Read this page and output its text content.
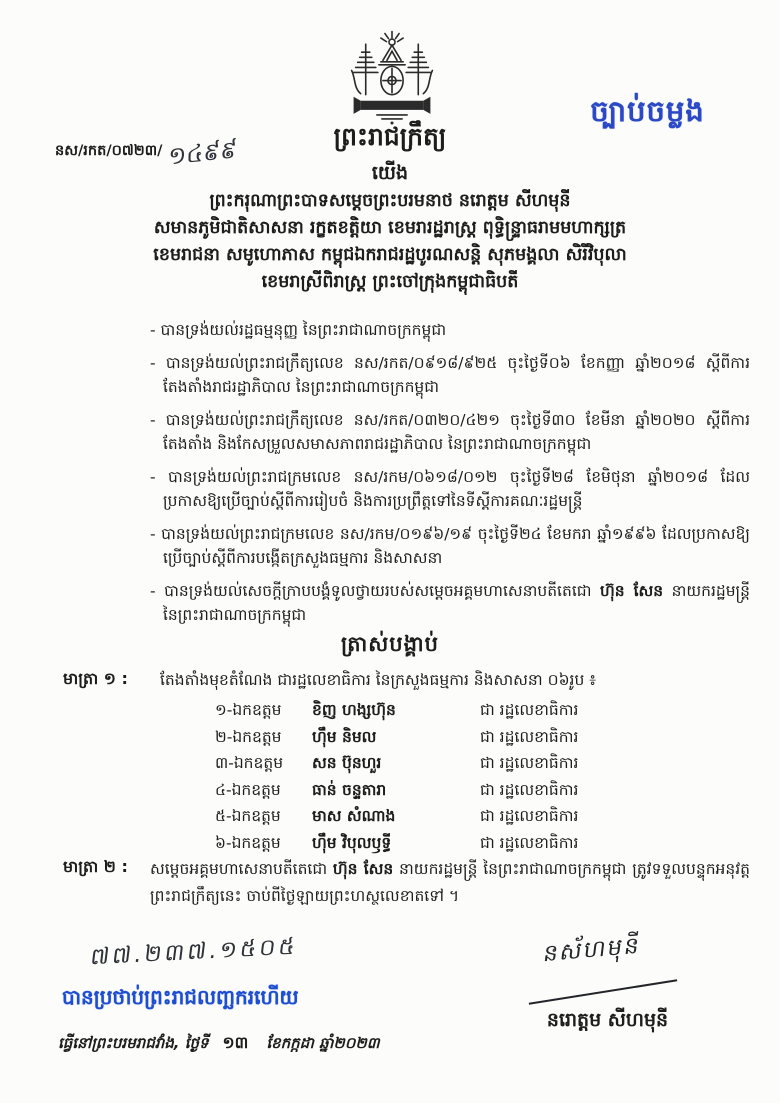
ច្បាប់ចម្លង
ព្រះរាជក្រឹត្យ
នស/រកត/០៧២៣/ ១៤៩៩
យើង
ព្រះករុណាព្រះបាទសម្តេចព្រះបរមនាថ នរោត្តម សីហមុនី
សមានភូមិជាតិសាសនា រក្ខតខត្តិយា ខេមរារដ្ឋរាស្ត្រ ពុទ្ធិន្ទ្រាធរាមមហាក្សត្រ
ខេមរាជនា សមូហោភាស កម្ពុជឯករាជរដ្ឋបូរណសន្តិ សុភមង្គលា សិរីវិបុលា
ខេមរាស្រីពិរាស្ត្រ ព្រះចៅក្រុងកម្ពុជាធិបតី
- បានទ្រង់យល់រដ្ឋធម្មនុញ្ញ នៃព្រះរាជាណាចក្រកម្ពុជា
- បានទ្រង់យល់ព្រះរាជក្រឹត្យលេខ នស/រកត/០៩១៨/៩២៥ ចុះថ្ងៃទី០៦ ខែកញ្ញា ឆ្នាំ២០១៨ ស្តីពីការតែងតាំងរាជរដ្ឋាភិបាល នៃព្រះរាជាណាចក្រកម្ពុជា
- បានទ្រង់យល់ព្រះរាជក្រឹត្យលេខ នស/រកត/០៣២០/៤២១ ចុះថ្ងៃទី៣០ ខែមីនា ឆ្នាំ២០២០ ស្តីពីការតែងតាំង និងកែសម្រួលសមាសភាពរាជរដ្ឋាភិបាល នៃព្រះរាជាណាចក្រកម្ពុជា
- បានទ្រង់យល់ព្រះរាជក្រមលេខ នស/រកម/០៦១៨/០១២ ចុះថ្ងៃទី២៨ ខែមិថុនា ឆ្នាំ២០១៨ ដែលប្រកាសឱ្យប្រើច្បាប់ស្តីពីការរៀបចំ និងការប្រព្រឹត្តទៅនៃទីស្តីការគណៈរដ្ឋមន្ត្រី
- បានទ្រង់យល់ព្រះរាជក្រមលេខ នស/រកម/០១៩៦/១៩ ចុះថ្ងៃទី២៤ ខែមករា ឆ្នាំ១៩៩៦ ដែលប្រកាសឱ្យប្រើច្បាប់ស្តីពីការបង្កើតក្រសួងធម្មការ និងសាសនា
- បានទ្រង់យល់សេចក្តីក្រាបបង្គំទូលថ្វាយរបស់សម្តេចអគ្គមហាសេនាបតីតេជោ ហ៊ុន សែន នាយករដ្ឋមន្ត្រី នៃព្រះរាជាណាចក្រកម្ពុជា
ត្រាស់បង្គាប់
មាត្រា ១ : តែងតាំងមុខតំណែង ជារដ្ឋលេខាធិការ នៃក្រសួងធម្មការ និងសាសនា ០៦រូប ៖
១-ឯកឧត្តម ខិញ ហង្សហ៊ុន	ជា រដ្ឋលេខាធិការ
២-ឯកឧត្តម ហ៊ឹម និមល	ជា រដ្ឋលេខាធិការ
៣-ឯកឧត្តម សន ប៊ុនហួរ	ជា រដ្ឋលេខាធិការ
៤-ឯកឧត្តម ធាន់ ចន្ទតារា	ជា រដ្ឋលេខាធិការ
៥-ឯកឧត្តម មាស សំណាង	ជា រដ្ឋលេខាធិការ
៦-ឯកឧត្តម ហ៊ឹម វិបុលឫទ្ធី	ជា រដ្ឋលេខាធិការ
មាត្រា ២ : សម្តេចអគ្គមហាសេនាបតីតេជោ ហ៊ុន សែន នាយករដ្ឋមន្ត្រី នៃព្រះរាជាណាចក្រកម្ពុជា ត្រូវទទួលបន្ទុកអនុវត្តព្រះរាជក្រឹត្យនេះ ចាប់ពីថ្ងៃឡាយព្រះហស្ថលេខាតទៅ ។
៧៧.២៣៧.១៥០៥
បានប្រថាប់ព្រះរាជលញ្ឆករហើយ
ធ្វើនៅព្រះបរមរាជវាំង, ថ្ងៃទី ១៣ ខែកក្កដា ឆ្នាំ២០២៣
នស័ហមុនី
នរោត្តម សីហមុនី
